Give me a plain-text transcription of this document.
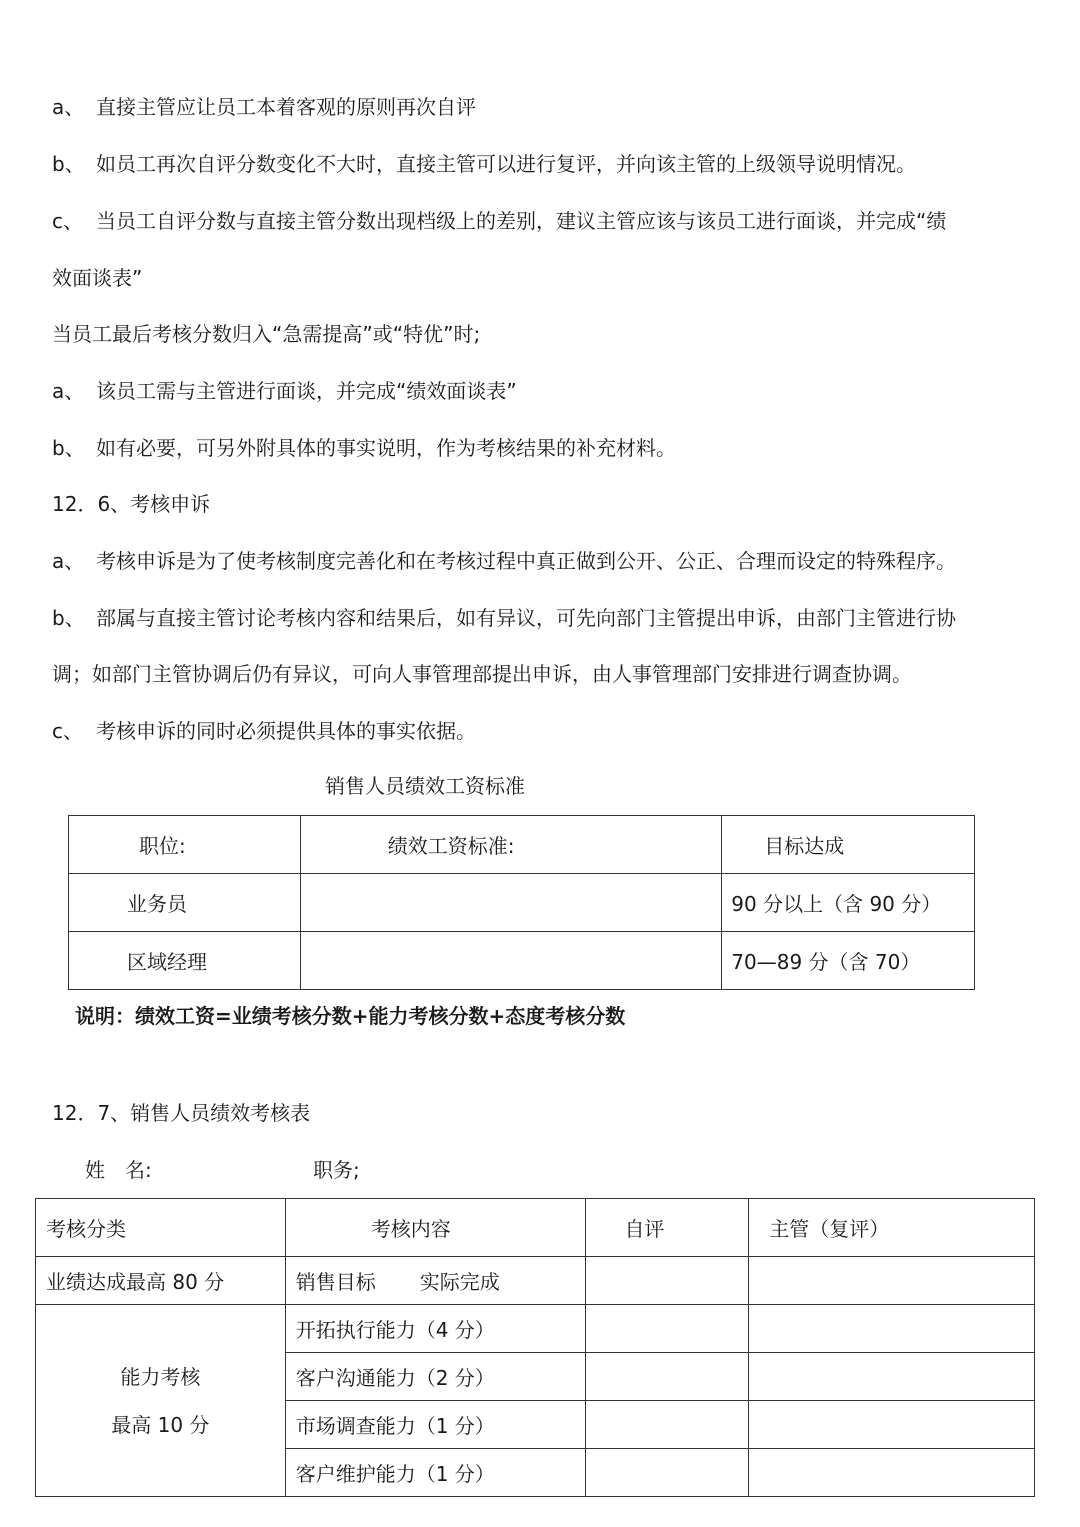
a、 直接主管应让员工本着客观的原则再次自评
b、 如员工再次自评分数变化不大时，直接主管可以进行复评，并向该主管的上级领导说明情况。
c、 当员工自评分数与直接主管分数出现档级上的差别，建议主管应该与该员工进行面谈，并完成“绩
效面谈表”
当员工最后考核分数归入“急需提高”或“特优”时;
a、 该员工需与主管进行面谈，并完成“绩效面谈表”
b、 如有必要，可另外附具体的事实说明，作为考核结果的补充材料。
12．6、考核申诉
a、 考核申诉是为了使考核制度完善化和在考核过程中真正做到公开、公正、合理而设定的特殊程序。
b、 部属与直接主管讨论考核内容和结果后，如有异议，可先向部门主管提出申诉，由部门主管进行协
调；如部门主管协调后仍有异议，可向人事管理部提出申诉，由人事管理部门安排进行调查协调。
c、 考核申诉的同时必须提供具体的事实依据。
销售人员绩效工资标准
职位:	绩效工资标准:	目标达成
业务员		90 分以上（含 90 分）
区域经理		70—89 分（含 70）
说明：绩效工资=业绩考核分数+能力考核分数+态度考核分数
12．7、销售人员绩效考核表
姓　名:	职务;
考核分类	考核内容	自评	主管（复评）
业绩达成最高 80 分	销售目标 实际完成		

能力考核
最高 10 分	开拓执行能力（4 分）		
	客户沟通能力（2 分）		
	市场调查能力（1 分）		
	客户维护能力（1 分）		
